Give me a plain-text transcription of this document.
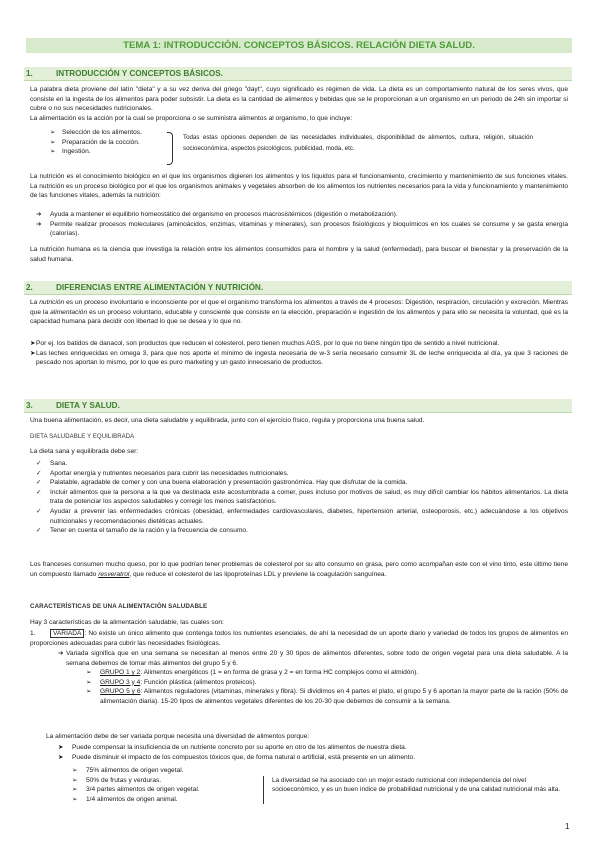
TEMA 1: INTRODUCCIÓN. CONCEPTOS BÁSICOS. RELACIÓN DIETA SALUD.
1.	INTRODUCCIÓN Y CONCEPTOS BÁSICOS.
La palabra dieta proviene del latín "dieta" y a su vez deriva del griego "dayt", cuyo significado es régimen de vida. La dieta es un comportamiento natural de los seres vivos, que consiste en la ingesta de los alimentos para poder subsistir. La dieta es la cantidad de alimentos y bebidas que se le proporcionan a un organismo en un periodo de 24h sin importar si cubre o no sus necesidades nutricionales.
La alimentación es la acción por la cual se proporciona o se suministra alimentos al organismo, lo que incluye:
➢ Selección de los alimentos.
➢ Preparación de la cocción.
➢ Ingestión.
Todas estas opciones dependen de las necesidades individuales, disponibilidad de alimentos, cultura, religión, situación socioeconómica, aspectos psicológicos, publicidad, moda, etc.
La nutrición es el conocimiento biológico en el que los organismos digieren los alimentos y los líquidos para el funcionamiento, crecimiento y mantenimiento de sus funciones vitales. La nutrición es un proceso biológico por el que los organismos animales y vegetales absorben de los alimentos los nutrientes necesarios para la vida y funcionamiento y mantenimiento de las funciones vitales, además la nutrición:
➔ Ayuda a mantener el equilibrio homeostático del organismo en procesos macrosistémicos (digestión o metabolización).
➔ Permite realizar procesos moleculares (aminoácidos, enzimas, vitaminas y minerales), son procesos fisiológicos y bioquímicos en los cuales se consume y se gasta energía (calorías).
La nutrición humana es la ciencia que investiga la relación entre los alimentos consumidos para el hombre y la salud (enfermedad), para buscar el bienestar y la preservación de la salud humana.
2.	DIFERENCIAS ENTRE ALIMENTACIÓN Y NUTRICIÓN.
La nutrición es un proceso involuntario e inconsciente por el que el organismo transforma los alimentos a través de 4 procesos: Digestión, respiración, circulación y excreción. Mientras que la alimentación es un proceso voluntario, educable y consciente que consiste en la elección, preparación e ingestión de los alimentos y para ello se necesita la voluntad, qué es la capacidad humana para decidir con libertad lo que se desea y lo que no.
➤ Por ej. los batidos de danacol, son productos que reducen el colesterol, pero tienen muchos AGS, por lo que no tiene ningún tipo de sentido a nivel nutricional.
➤ Las leches enriquecidas en omega 3, para que nos aporte el mínimo de ingesta necesaria de w-3 sería necesario consumir 3L de leche enriquecida al día, ya que 3 raciones de pescado nos aportan lo mismo, por lo que es puro marketing y un gasto innecesario de productos.
3.	DIETA Y SALUD.
Una buena alimentación, es decir, una dieta saludable y equilibrada, junto con el ejercicio físico, regula y proporciona una buena salud.
DIETA SALUDABLE Y EQUILIBRADA
La dieta sana y equilibrada debe ser:
✓ Sana.
✓ Aportar energía y nutrientes necesarios para cubrir las necesidades nutricionales.
✓ Palatable, agradable de comer y con una buena elaboración y presentación gastronómica. Hay que disfrutar de la comida.
✓ Incluir alimentos que la persona a la que va destinada este acostumbrada a comer, pues incluso por motivos de salud, es muy difícil cambiar los hábitos alimentarios. La dieta trata de potenciar los aspectos saludables y corregir los menos satisfactorios.
✓ Ayudar a prevenir las enfermedades crónicas (obesidad, enfermedades cardiovasculares, diabetes, hipertensión arterial, osteoporosis, etc.) adecuándose a los objetivos nutricionales y recomendaciones dietéticas actuales.
✓ Tener en cuenta el tamaño de la ración y la frecuencia de consumo.
Los franceses consumen mucho queso, por lo que podrían tener problemas de colesterol por su alto consumo en grasa, pero como acompañan este con el vino tinto, este último tiene un compuesto llamado resveratrol, que reduce el colesterol de las lipoproteínas LDL y previene la coagulación sanguínea.
CARACTERÍSTICAS DE UNA ALIMENTACIÓN SALUDABLE
Hay 3 características de la alimentación saludable, las cuales son:
1.	VARIADA : No existe un único alimento que contenga todos los nutrientes esenciales, de ahí la necesidad de un aporte diario y variedad de todos los grupos de alimentos en proporciones adecuadas para cubrir las necesidades fisiológicas.
➔ Variada significa que en una semana se necesitan al menos entre 20 y 30 tipos de alimentos diferentes, sobre todo de origen vegetal para una dieta saludable. A la semana debemos de tomar más alimentos del grupo 5 y 6.
➢ GRUPO 1 y 2: Alimentos energéticos (1 = en forma de grasa y 2 = en forma HC complejos como el almidón).
➢ GRUPO 3 y 4: Función plástica (alimentos proteicos).
➢ GRUPO 5 y 6: Alimentos reguladores (vitaminas, minerales y fibra). Si dividimos en 4 partes el plato, el grupo 5 y 6 aportan la mayor parte de la ración (50% de alimentación diaria). 15-20 tipos de alimentos vegetales diferentes de los 20-30 que debemos de consumir a la semana.
La alimentación debe de ser variada porque necesita una diversidad de alimentos porque:
➤ Puede compensar la insuficiencia de un nutriente concreto por su aporte en otro de los alimentos de nuestra dieta.
➤ Puede disminuir el impacto de los compuestos tóxicos que, de forma natural o artificial, está presente en un alimento.
➢ 75% alimentos de origen vegetal.
➢ 50% de frutas y verduras.
➢ 3/4 partes alimentos de origen vegetal.
➢ 1/4 alimentos de origen animal.
La diversidad se ha asociado con un mejor estado nutricional con independencia del nivel socioeconómico, y es un buen índice de probabilidad nutricional y de una calidad nutricional más alta.
1
